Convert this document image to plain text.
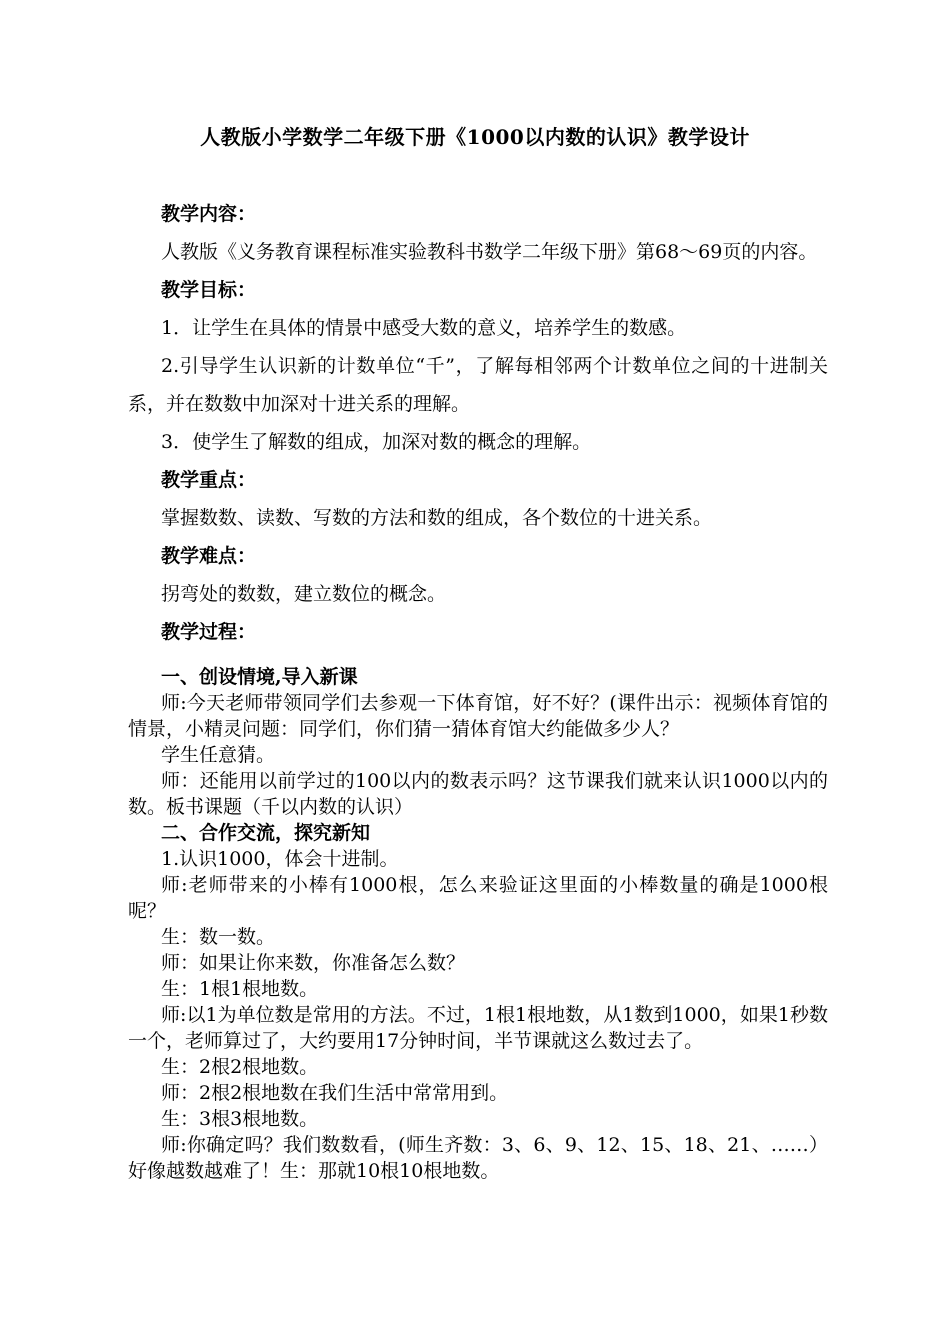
人教版小学数学二年级下册《1000以内数的认识》教学设计

教学内容：

人教版《义务教育课程标准实验教科书数学二年级下册》第68～69页的内容。

教学目标：

1．让学生在具体的情景中感受大数的意义，培养学生的数感。

2.引导学生认识新的计数单位“千”，了解每相邻两个计数单位之间的十进制关系，并在数数中加深对十进关系的理解。

3．使学生了解数的组成，加深对数的概念的理解。

教学重点：

掌握数数、读数、写数的方法和数的组成，各个数位的十进关系。

教学难点：

拐弯处的数数，建立数位的概念。

教学过程：

一、创设情境,导入新课

师:今天老师带领同学们去参观一下体育馆，好不好？(课件出示：视频体育馆的情景，小精灵问题：同学们，你们猜一猜体育馆大约能做多少人？

学生任意猜。

师：还能用以前学过的100以内的数表示吗？这节课我们就来认识1000以内的数。板书课题（千以内数的认识）

二、合作交流，探究新知

1.认识1000，体会十进制。

师:老师带来的小棒有1000根，怎么来验证这里面的小棒数量的确是1000根呢？

生：数一数。

师：如果让你来数，你准备怎么数？

生：1根1根地数。

师:以1为单位数是常用的方法。不过，1根1根地数，从1数到1000，如果1秒数一个，老师算过了，大约要用17分钟时间，半节课就这么数过去了。

生：2根2根地数。

师：2根2根地数在我们生活中常常用到。

生：3根3根地数。

师:你确定吗？我们数数看，(师生齐数：3、6、9、12、15、18、21、……）好像越数越难了！生：那就10根10根地数。
